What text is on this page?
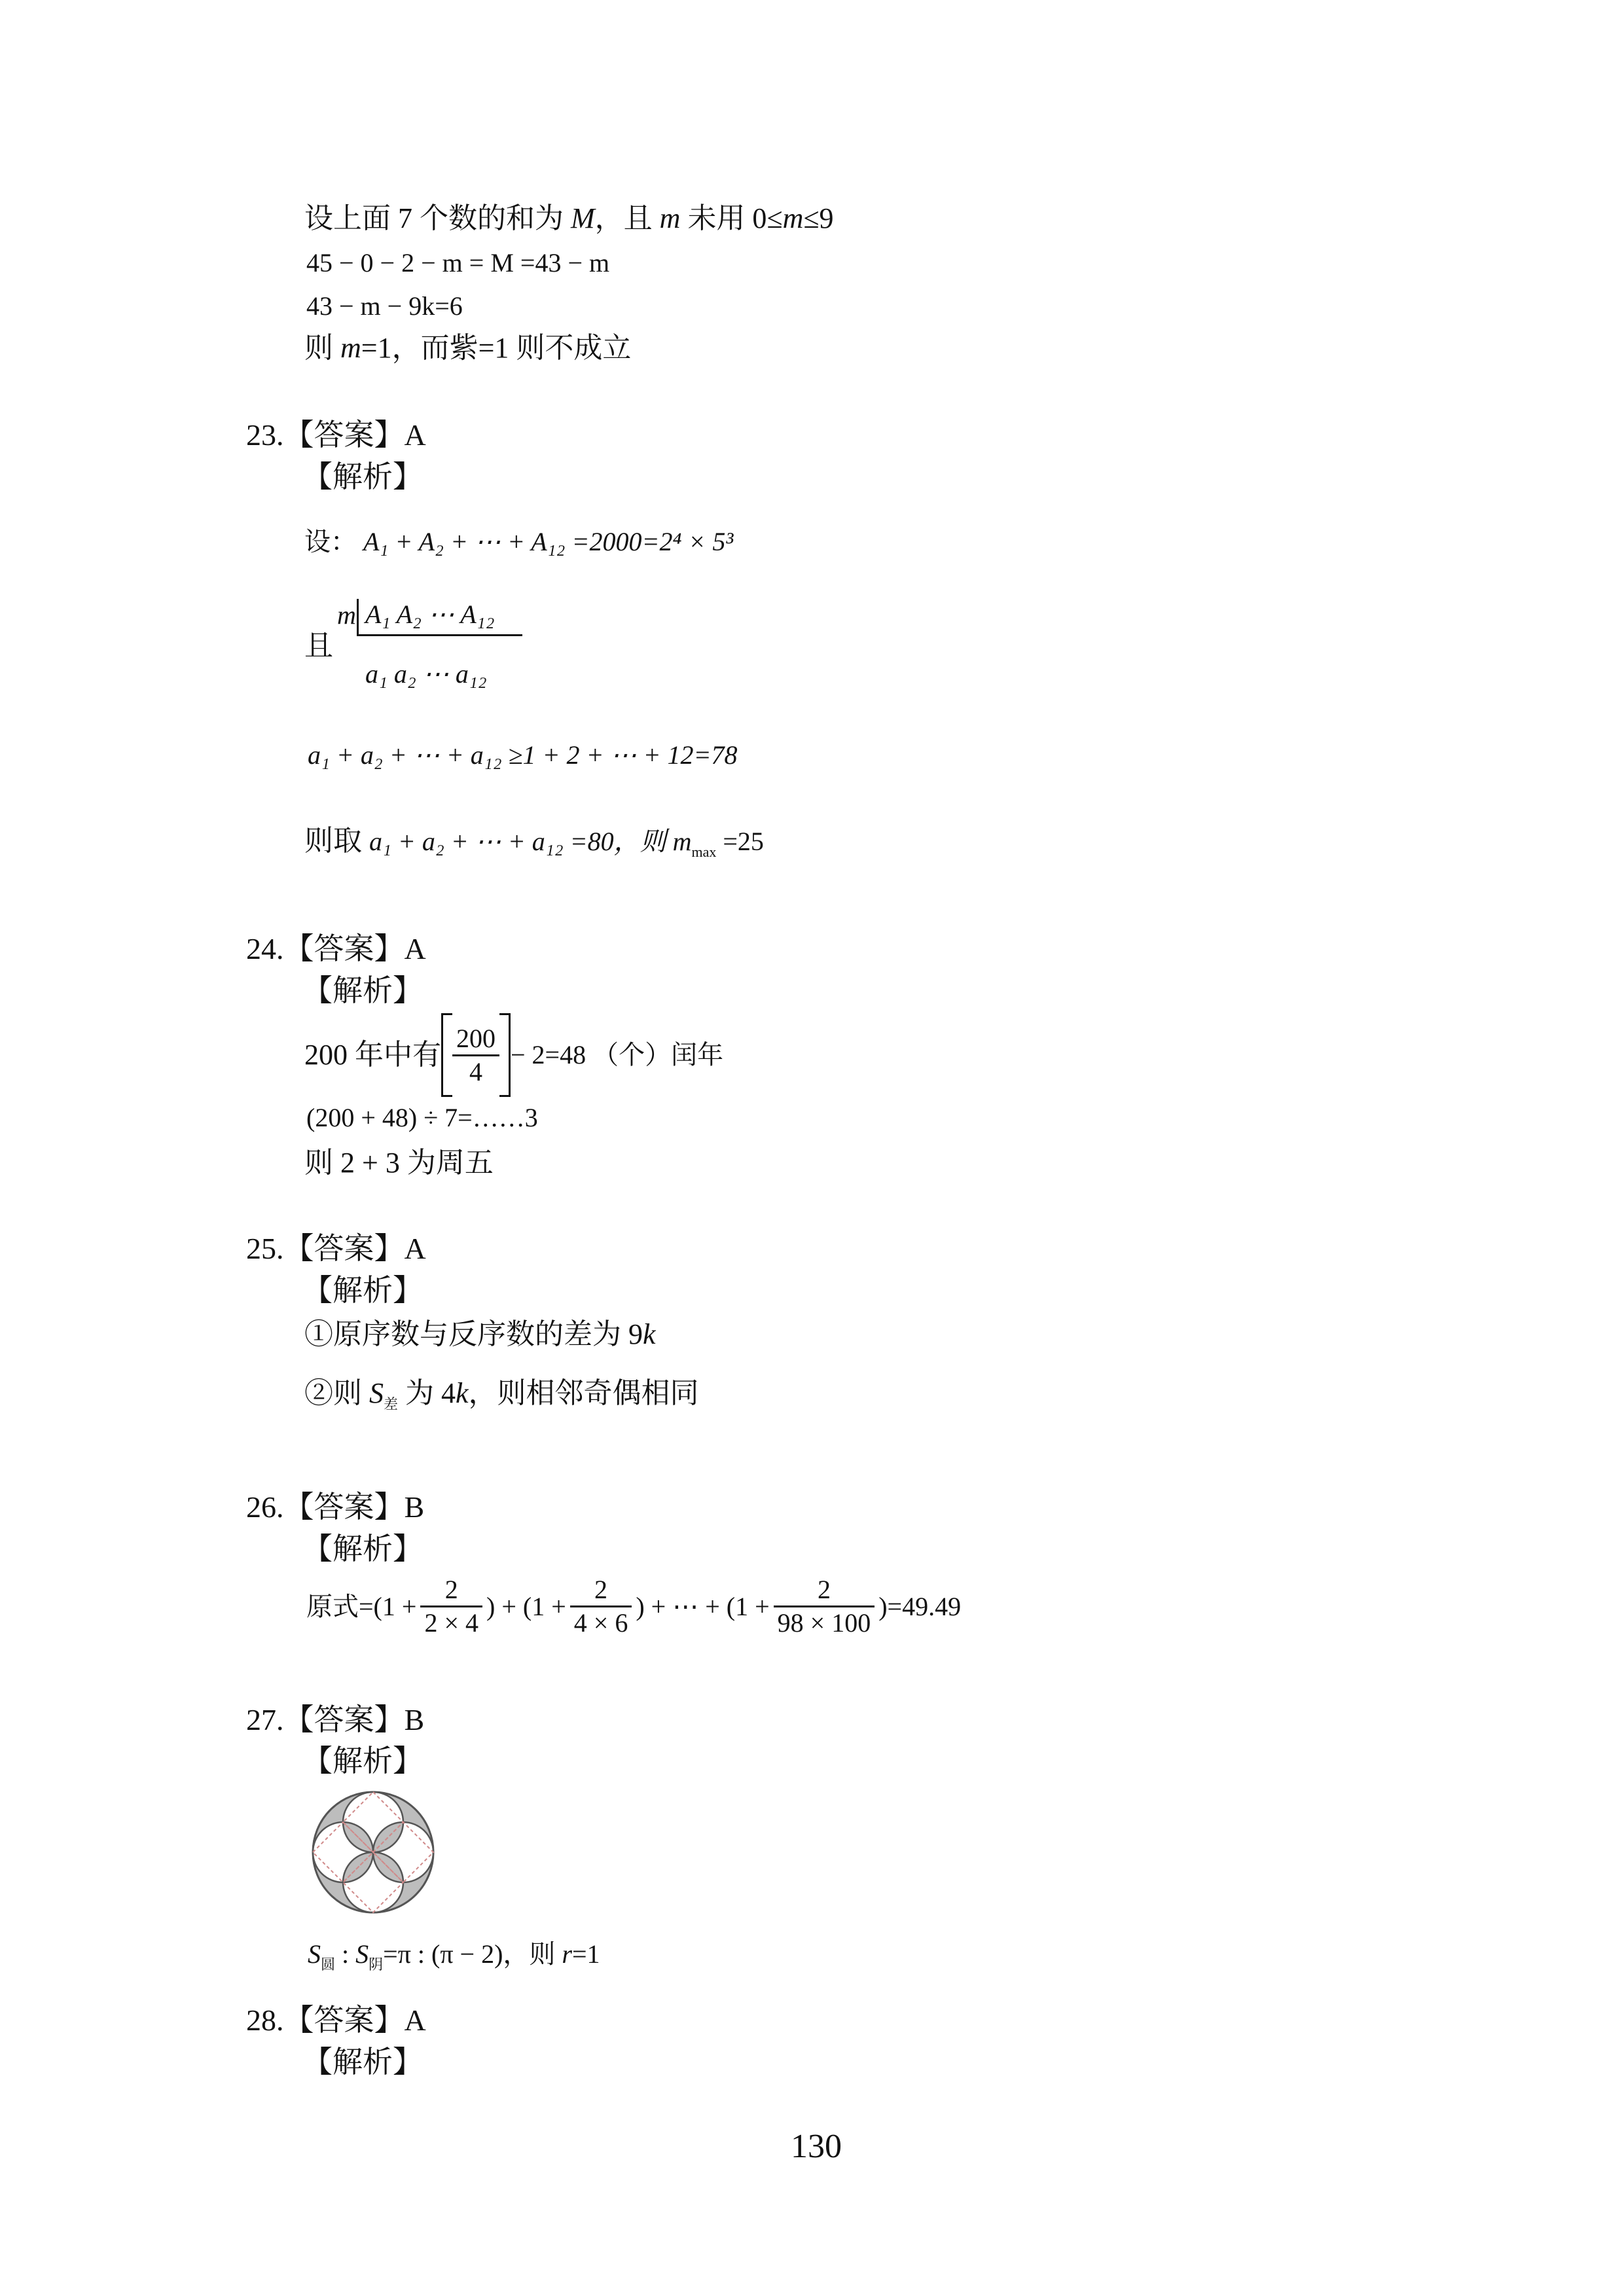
设上面 7 个数的和为 M，且 m 未用 0≤m≤9
45 − 0 − 2 − m = M =43 − m
43 − m − 9k=6
则 m=1，而紫=1 则不成立
23.【答案】A
【解析】
设： A₁ + A₂ + ⋯ + A₁₂ =2000=2⁴ × 5³
且
m A₁ A₂ ⋯ A₁₂
a₁ a₂ ⋯ a₁₂
a₁ + a₂ + ⋯ + a₁₂ ≥1 + 2 + ⋯ + 12=78
则取 a₁ + a₂ + ⋯ + a₁₂ =80，则 $m_{max} =25$
24.【答案】A
【解析】
200 年中有 $\frac{200}{4} - 2=48$ （个）闰年
(200 + 48) ÷ 7=……3
则 2 + 3 为周五
25.【答案】A
【解析】
①原序数与反序数的差为 9k
②则 $S_差$ 为 4k，则相邻奇偶相同
26.【答案】B
【解析】
原式$=(1 + \frac{2}{2 \times 4}$ ) + ($1 + \frac{2}{4 \times 6}$ ) + ⋯ + $(1 + \frac{2}{98 \times 100} )=49.49$
27.【答案】B
【解析】
$S_圆$ : $S_阴=\pi$ : (π − 2)，则 r=1
28.【答案】A
【解析】
130
